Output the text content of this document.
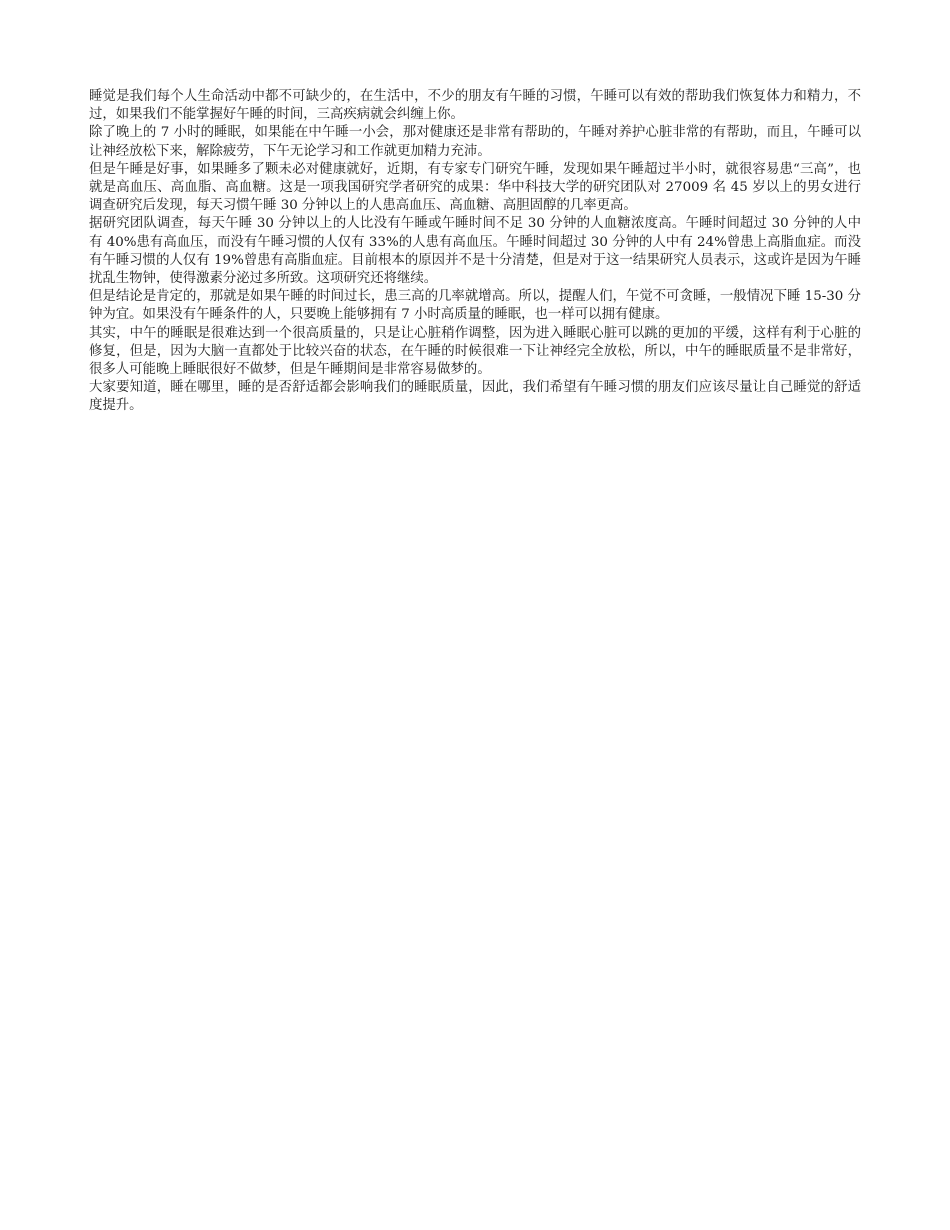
睡觉是我们每个人生命活动中都不可缺少的，在生活中，不少的朋友有午睡的习惯，午睡可以有效的帮助我们恢复体力和精力，不过，如果我们不能掌握好午睡的时间，三高疾病就会纠缠上你。

除了晚上的 7 小时的睡眠，如果能在中午睡一小会，那对健康还是非常有帮助的，午睡对养护心脏非常的有帮助，而且，午睡可以让神经放松下来，解除疲劳，下午无论学习和工作就更加精力充沛。

但是午睡是好事，如果睡多了颗未必对健康就好，近期，有专家专门研究午睡，发现如果午睡超过半小时，就很容易患“三高”，也就是高血压、高血脂、高血糖。这是一项我国研究学者研究的成果：华中科技大学的研究团队对 27009 名 45 岁以上的男女进行调查研究后发现，每天习惯午睡 30 分钟以上的人患高血压、高血糖、高胆固醇的几率更高。

据研究团队调查，每天午睡 30 分钟以上的人比没有午睡或午睡时间不足 30 分钟的人血糖浓度高。午睡时间超过 30 分钟的人中有 40%患有高血压，而没有午睡习惯的人仅有 33%的人患有高血压。午睡时间超过 30 分钟的人中有 24%曾患上高脂血症。而没有午睡习惯的人仅有 19%曾患有高脂血症。目前根本的原因并不是十分清楚，但是对于这一结果研究人员表示，这或许是因为午睡扰乱生物钟，使得激素分泌过多所致。这项研究还将继续。

但是结论是肯定的，那就是如果午睡的时间过长，患三高的几率就增高。所以，提醒人们，午觉不可贪睡，一般情况下睡 15-30 分钟为宜。如果没有午睡条件的人，只要晚上能够拥有 7 小时高质量的睡眠，也一样可以拥有健康。

其实，中午的睡眠是很难达到一个很高质量的，只是让心脏稍作调整，因为进入睡眠心脏可以跳的更加的平缓，这样有利于心脏的修复，但是，因为大脑一直都处于比较兴奋的状态，在午睡的时候很难一下让神经完全放松，所以，中午的睡眠质量不是非常好，很多人可能晚上睡眠很好不做梦，但是午睡期间是非常容易做梦的。

大家要知道，睡在哪里，睡的是否舒适都会影响我们的睡眠质量，因此，我们希望有午睡习惯的朋友们应该尽量让自己睡觉的舒适度提升。
